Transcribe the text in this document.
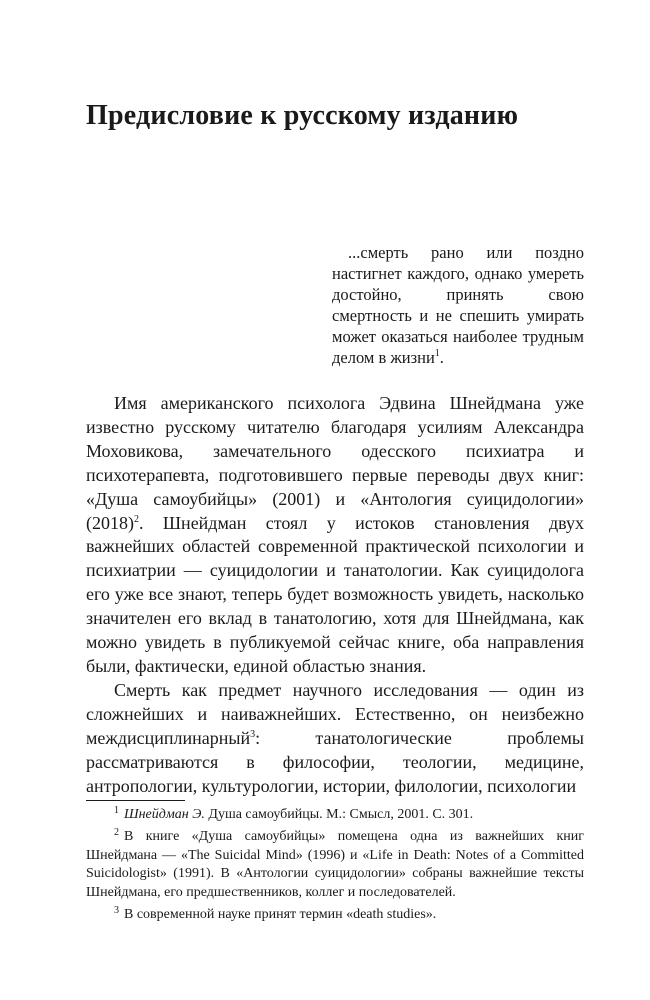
Предисловие к русскому изданию

...смерть рано или поздно настигнет каждого, однако умереть достойно, принять свою смертность и не спешить умирать может оказаться наиболее трудным делом в жизни$^1$.

Имя американского психолога Эдвина Шнейдмана уже известно русскому читателю благодаря усилиям Александра Моховикова, замечательного одесского психиатра и психотерапевта, подготовившего первые переводы двух книг: «Душа самоубийцы» (2001) и «Антология суицидологии» $(2018)^2$. Шнейдман стоял у истоков становления двух важнейших областей современной практической психологии и психиатрии — суицидологии и танатологии. Как суицидолога его уже все знают, теперь будет возможность увидеть, насколько значителен его вклад в танатологию, хотя для Шнейдмана, как можно увидеть в публикуемой сейчас книге, оба направления были, фактически, единой областью знания.

Смерть как предмет научного исследования — один из сложнейших и наиважнейших. Естественно, он неизбежно междисциплинарный$^3$: танатологические проблемы рассматриваются в философии, теологии, медицине, антропологии, культурологии, истории, филологии, психологии

$^1$ Шнейдман Э. Душа самоубийцы. М.: Смысл, 2001. С. 301.

$^2$ В книге «Душа самоубийцы» помещена одна из важнейших книг Шнейдмана — «The Suicidal Mind» (1996) и «Life in Death: Notes of a Committed Suicidologist» (1991). В «Антологии суицидологии» собраны важнейшие тексты Шнейдмана, его предшественников, коллег и последователей.

$^3$ В современной науке принят термин «death studies».
